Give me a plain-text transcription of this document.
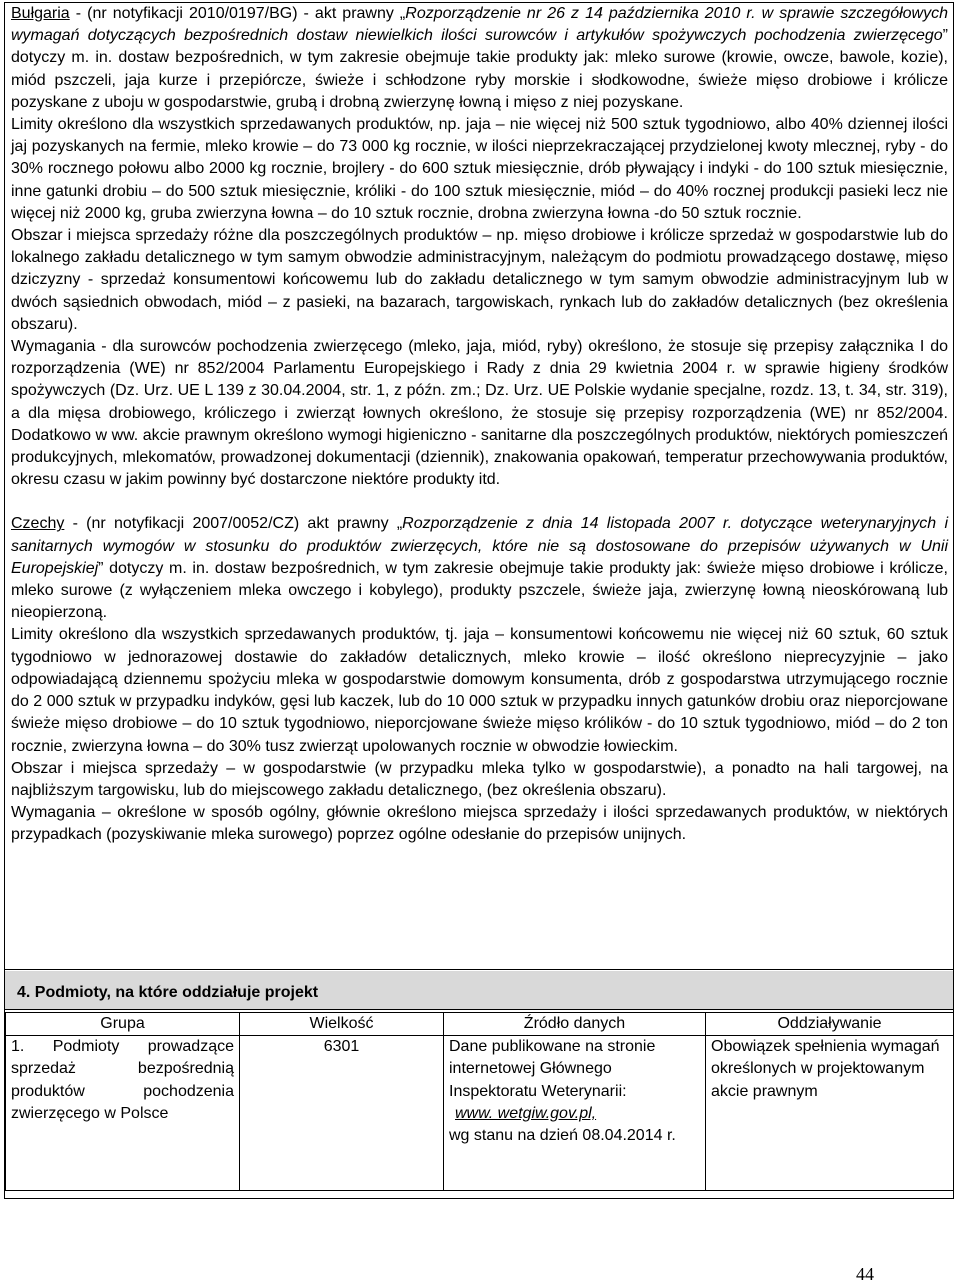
Bułgaria - (nr notyfikacji 2010/0197/BG) - akt prawny „Rozporządzenie nr 26 z 14 października 2010 r. w sprawie szczegółowych wymagań dotyczących bezpośrednich dostaw niewielkich ilości surowców i artykułów spożywczych pochodzenia zwierzęcego” dotyczy m. in. dostaw bezpośrednich, w tym zakresie obejmuje takie produkty jak: mleko surowe (krowie, owcze, bawole, kozie), miód pszczeli, jaja kurze i przepiórcze, świeże i schłodzone ryby morskie i słodkowodne, świeże mięso drobiowe i królicze pozyskane z uboju w gospodarstwie, grubą i drobną zwierzynę łowną i mięso z niej pozyskane.

Limity określono dla wszystkich sprzedawanych produktów, np. jaja – nie więcej niż 500 sztuk tygodniowo, albo 40% dziennej ilości jaj pozyskanych na fermie, mleko krowie – do 73 000 kg rocznie, w ilości nieprzekraczającej przydzielonej kwoty mlecznej, ryby - do 30% rocznego połowu albo 2000 kg rocznie, brojlery - do 600 sztuk miesięcznie, drób pływający i indyki - do 100 sztuk miesięcznie, inne gatunki drobiu – do 500 sztuk miesięcznie, króliki - do 100 sztuk miesięcznie, miód – do 40% rocznej produkcji pasieki lecz nie więcej niż 2000 kg, gruba zwierzyna łowna – do 10 sztuk rocznie, drobna zwierzyna łowna -do 50 sztuk rocznie.

Obszar i miejsca sprzedaży różne dla poszczególnych produktów – np. mięso drobiowe i królicze sprzedaż w gospodarstwie lub do lokalnego zakładu detalicznego w tym samym obwodzie administracyjnym, należącym do podmiotu prowadzącego dostawę, mięso dziczyzny - sprzedaż konsumentowi końcowemu lub do zakładu detalicznego w tym samym obwodzie administracyjnym lub w dwóch sąsiednich obwodach, miód – z pasieki, na bazarach, targowiskach, rynkach lub do zakładów detalicznych (bez określenia obszaru).

Wymagania - dla surowców pochodzenia zwierzęcego (mleko, jaja, miód, ryby) określono, że stosuje się przepisy załącznika I do rozporządzenia (WE) nr 852/2004 Parlamentu Europejskiego i Rady z dnia 29 kwietnia 2004 r. w sprawie higieny środków spożywczych (Dz. Urz. UE L 139 z 30.04.2004, str. 1, z późn. zm.; Dz. Urz. UE Polskie wydanie specjalne, rozdz. 13, t. 34, str. 319), a dla mięsa drobiowego, króliczego i zwierząt łownych określono, że stosuje się przepisy rozporządzenia (WE) nr 852/2004. Dodatkowo w ww. akcie prawnym określono wymogi higieniczno - sanitarne dla poszczególnych produktów, niektórych pomieszczeń produkcyjnych, mlekomatów, prowadzonej dokumentacji (dziennik), znakowania opakowań, temperatur przechowywania produktów, okresu czasu w jakim powinny być dostarczone niektóre produkty itd.

Czechy - (nr notyfikacji 2007/0052/CZ) akt prawny „Rozporządzenie z dnia 14 listopada 2007 r. dotyczące weterynaryjnych i sanitarnych wymogów w stosunku do produktów zwierzęcych, które nie są dostosowane do przepisów używanych w Unii Europejskiej” dotyczy m. in. dostaw bezpośrednich, w tym zakresie obejmuje takie produkty jak: świeże mięso drobiowe i królicze, mleko surowe (z wyłączeniem mleka owczego i kobylego), produkty pszczele, świeże jaja, zwierzynę łowną nieoskórowaną lub nieopierzoną.

Limity określono dla wszystkich sprzedawanych produktów, tj. jaja – konsumentowi końcowemu nie więcej niż 60 sztuk, 60 sztuk tygodniowo w jednorazowej dostawie do zakładów detalicznych, mleko krowie – ilość określono nieprecyzyjnie – jako odpowiadającą dziennemu spożyciu mleka w gospodarstwie domowym konsumenta, drób z gospodarstwa utrzymującego rocznie do 2 000 sztuk w przypadku indyków, gęsi lub kaczek, lub do 10 000 sztuk w przypadku innych gatunków drobiu oraz nieporcjowane świeże mięso drobiowe – do 10 sztuk tygodniowo, nieporcjowane świeże mięso królików - do 10 sztuk tygodniowo, miód – do 2 ton rocznie, zwierzyna łowna – do 30% tusz zwierząt upolowanych rocznie w obwodzie łowieckim.

Obszar i miejsca sprzedaży – w gospodarstwie (w przypadku mleka tylko w gospodarstwie), a ponadto na hali targowej, na najbliższym targowisku, lub do miejscowego zakładu detalicznego, (bez określenia obszaru).

Wymagania – określone w sposób ogólny, głównie określono miejsca sprzedaży i ilości sprzedawanych produktów, w niektórych przypadkach (pozyskiwanie mleka surowego) poprzez ogólne odesłanie do przepisów unijnych.

4. Podmioty, na które oddziałuje projekt
Grupa	Wielkość	Źródło danych	Oddziaływanie
1. Podmioty prowadzące sprzedaż bezpośrednią produktów pochodzenia zwierzęcego w Polsce	6301	Dane publikowane na stronie internetowej Głównego Inspektoratu Weterynarii:
www. wetgiw.gov.pl,
wg stanu na dzień 08.04.2014 r.	Obowiązek spełnienia wymagań określonych w projektowanym akcie prawnym
44
